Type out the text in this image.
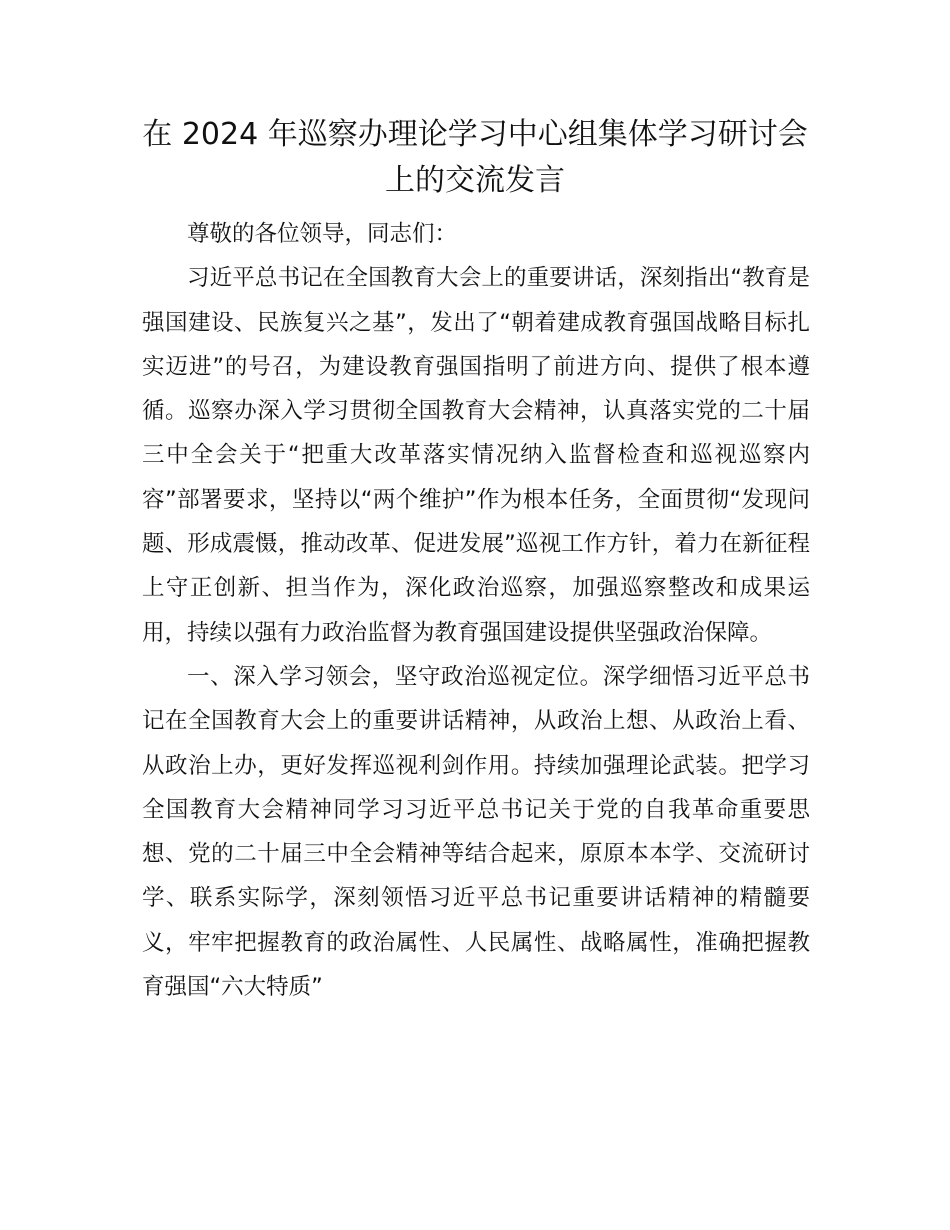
在 2024 年巡察办理论学习中心组集体学习研讨会上的交流发言

尊敬的各位领导，同志们：

习近平总书记在全国教育大会上的重要讲话，深刻指出“教育是强国建设、民族复兴之基”，发出了“朝着建成教育强国战略目标扎实迈进”的号召，为建设教育强国指明了前进方向、提供了根本遵循。巡察办深入学习贯彻全国教育大会精神，认真落实党的二十届三中全会关于“把重大改革落实情况纳入监督检查和巡视巡察内容”部署要求，坚持以“两个维护”作为根本任务，全面贯彻“发现问题、形成震慑，推动改革、促进发展”巡视工作方针，着力在新征程上守正创新、担当作为，深化政治巡察，加强巡察整改和成果运用，持续以强有力政治监督为教育强国建设提供坚强政治保障。

一、深入学习领会，坚守政治巡视定位。深学细悟习近平总书记在全国教育大会上的重要讲话精神，从政治上想、从政治上看、从政治上办，更好发挥巡视利剑作用。持续加强理论武装。把学习全国教育大会精神同学习习近平总书记关于党的自我革命重要思想、党的二十届三中全会精神等结合起来，原原本本学、交流研讨学、联系实际学，深刻领悟习近平总书记重要讲话精神的精髓要义，牢牢把握教育的政治属性、人民属性、战略属性，准确把握教育强国“六大特质”
